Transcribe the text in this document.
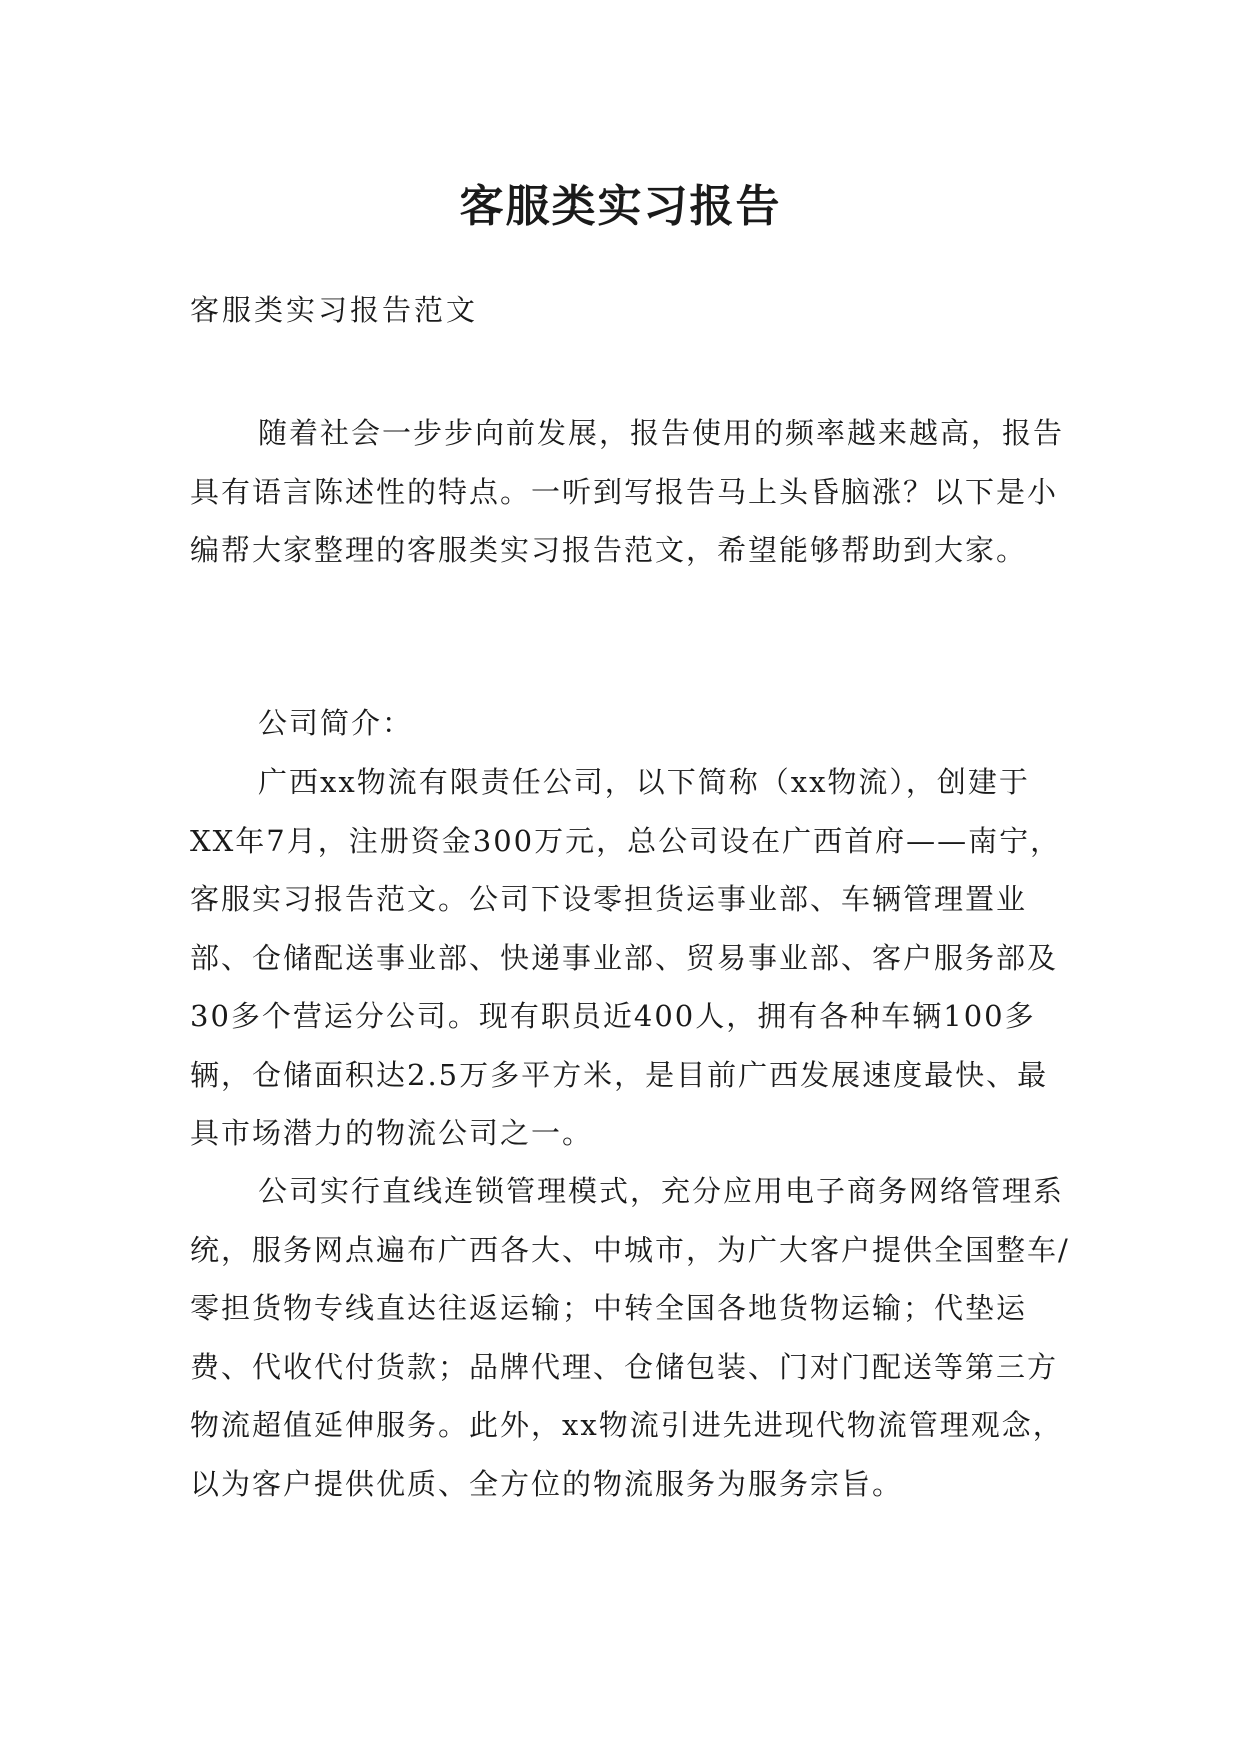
客服类实习报告
客服类实习报告范文

随着社会一步步向前发展，报告使用的频率越来越高，报告具有语言陈述性的特点。一听到写报告马上头昏脑涨？以下是小编帮大家整理的客服类实习报告范文，希望能够帮助到大家。

公司简介：

广西xx物流有限责任公司，以下简称（xx物流），创建于XX年7月，注册资金300万元，总公司设在广西首府——南宁，客服实习报告范文。公司下设零担货运事业部、车辆管理置业部、仓储配送事业部、快递事业部、贸易事业部、客户服务部及30多个营运分公司。现有职员近400人，拥有各种车辆100多辆，仓储面积达2.5万多平方米，是目前广西发展速度最快、最具市场潜力的物流公司之一。

公司实行直线连锁管理模式，充分应用电子商务网络管理系统，服务网点遍布广西各大、中城市，为广大客户提供全国整车/零担货物专线直达往返运输；中转全国各地货物运输；代垫运费、代收代付货款；品牌代理、仓储包装、门对门配送等第三方物流超值延伸服务。此外，xx物流引进先进现代物流管理观念，以为客户提供优质、全方位的物流服务为服务宗旨。
